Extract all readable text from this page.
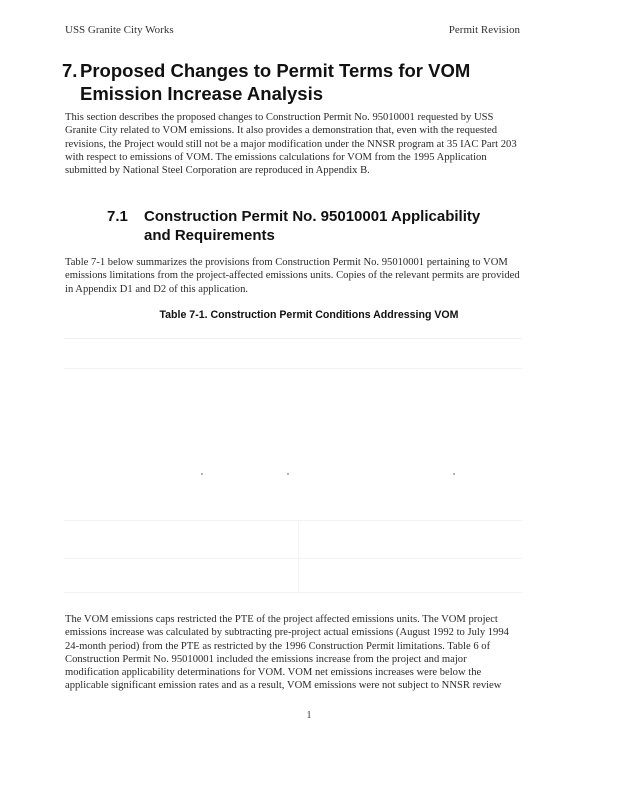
USS Granite City Works	Permit Revision
7. Proposed Changes to Permit Terms for VOM
Emission Increase Analysis

This section describes the proposed changes to Construction Permit No. 95010001 requested by USS Granite City related to VOM emissions. It also provides a demonstration that, even with the requested revisions, the Project would still not be a major modification under the NNSR program at 35 IAC Part 203 with respect to emissions of VOM. The emissions calculations for VOM from the 1995 Application submitted by National Steel Corporation are reproduced in Appendix B.

7.1 Construction Permit No. 95010001 Applicability
and Requirements

Table 7-1 below summarizes the provisions from Construction Permit No. 95010001 pertaining to VOM emissions limitations from the project-affected emissions units. Copies of the relevant permits are provided in Appendix D1 and D2 of this application.

Table 7-1. Construction Permit Conditions Addressing VOM

The VOM emissions caps restricted the PTE of the project affected emissions units. The VOM project emissions increase was calculated by subtracting pre-project actual emissions (August 1992 to July 1994 24-month period) from the PTE as restricted by the 1996 Construction Permit limitations. Table 6 of Construction Permit No. 95010001 included the emissions increase from the project and major modification applicability determinations for VOM. VOM net emissions increases were below the applicable significant emission rates and as a result, VOM emissions were not subject to NNSR review

1
